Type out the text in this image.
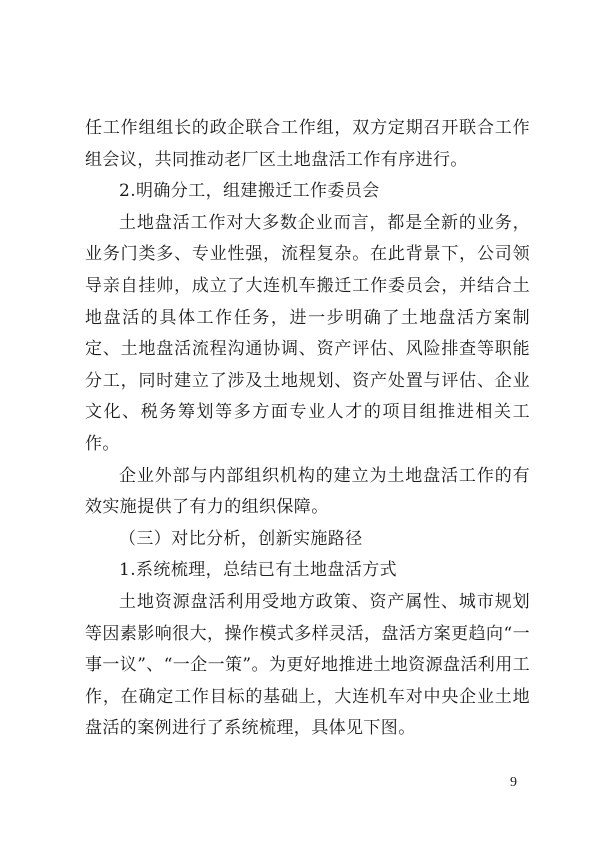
任工作组组长的政企联合工作组，双方定期召开联合工作组会议，共同推动老厂区土地盘活工作有序进行。

2.明确分工，组建搬迁工作委员会

土地盘活工作对大多数企业而言，都是全新的业务，业务门类多、专业性强，流程复杂。在此背景下，公司领导亲自挂帅，成立了大连机车搬迁工作委员会，并结合土地盘活的具体工作任务，进一步明确了土地盘活方案制定、土地盘活流程沟通协调、资产评估、风险排查等职能分工，同时建立了涉及土地规划、资产处置与评估、企业文化、税务筹划等多方面专业人才的项目组推进相关工作。

企业外部与内部组织机构的建立为土地盘活工作的有效实施提供了有力的组织保障。

（三）对比分析，创新实施路径

1.系统梳理，总结已有土地盘活方式

土地资源盘活利用受地方政策、资产属性、城市规划等因素影响很大，操作模式多样灵活，盘活方案更趋向“一事一议”、“一企一策”。为更好地推进土地资源盘活利用工作，在确定工作目标的基础上，大连机车对中央企业土地盘活的案例进行了系统梳理，具体见下图。

9
